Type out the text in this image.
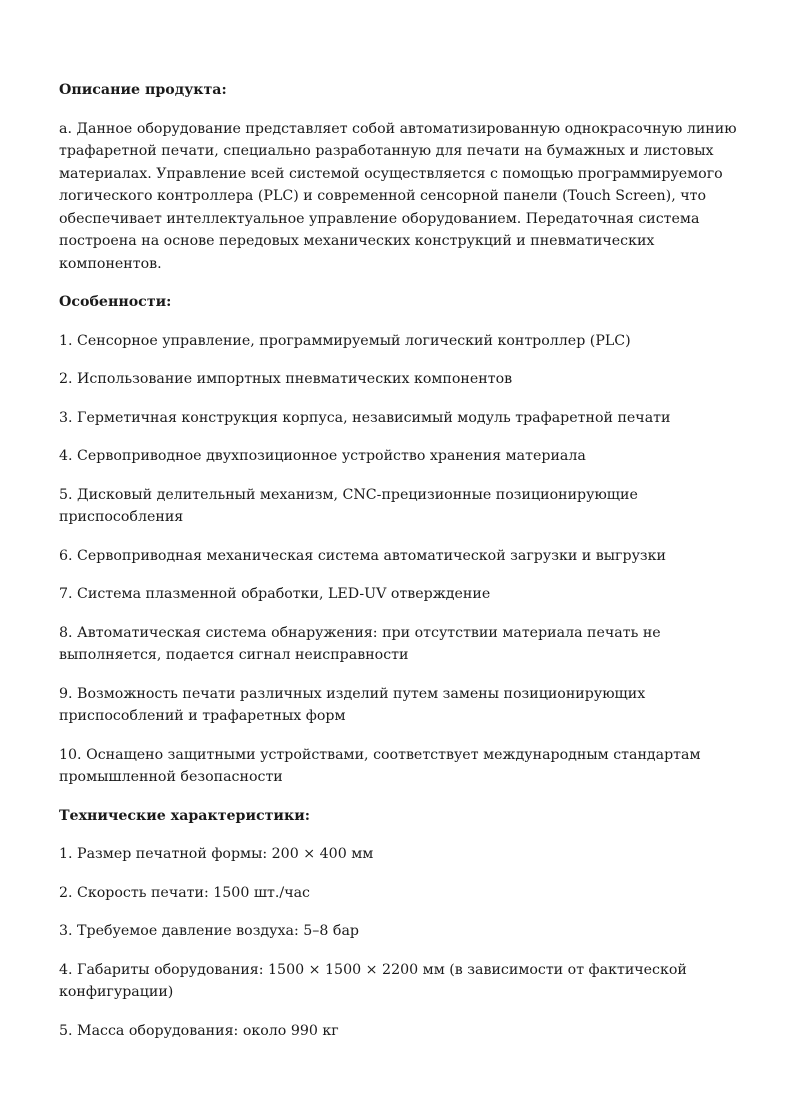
Описание продукта:

а. Данное оборудование представляет собой автоматизированную однокрасочную линию трафаретной печати, специально разработанную для печати на бумажных и листовых материалах. Управление всей системой осуществляется с помощью программируемого логического контроллера (PLC) и современной сенсорной панели (Touch Screen), что обеспечивает интеллектуальное управление оборудованием. Передаточная система построена на основе передовых механических конструкций и пневматических компонентов.

Особенности:

1. Сенсорное управление, программируемый логический контроллер (PLC)

2. Использование импортных пневматических компонентов

3. Герметичная конструкция корпуса, независимый модуль трафаретной печати

4. Сервоприводное двухпозиционное устройство хранения материала

5. Дисковый делительный механизм, CNC-прецизионные позиционирующие приспособления

6. Сервоприводная механическая система автоматической загрузки и выгрузки

7. Система плазменной обработки, LED-UV отверждение

8. Автоматическая система обнаружения: при отсутствии материала печать не выполняется, подается сигнал неисправности

9. Возможность печати различных изделий путем замены позиционирующих приспособлений и трафаретных форм

10. Оснащено защитными устройствами, соответствует международным стандартам промышленной безопасности

Технические характеристики:

1. Размер печатной формы: 200 × 400 мм

2. Скорость печати: 1500 шт./час

3. Требуемое давление воздуха: 5–8 бар

4. Габариты оборудования: 1500 × 1500 × 2200 мм (в зависимости от фактической конфигурации)

5. Масса оборудования: около 990 кг
